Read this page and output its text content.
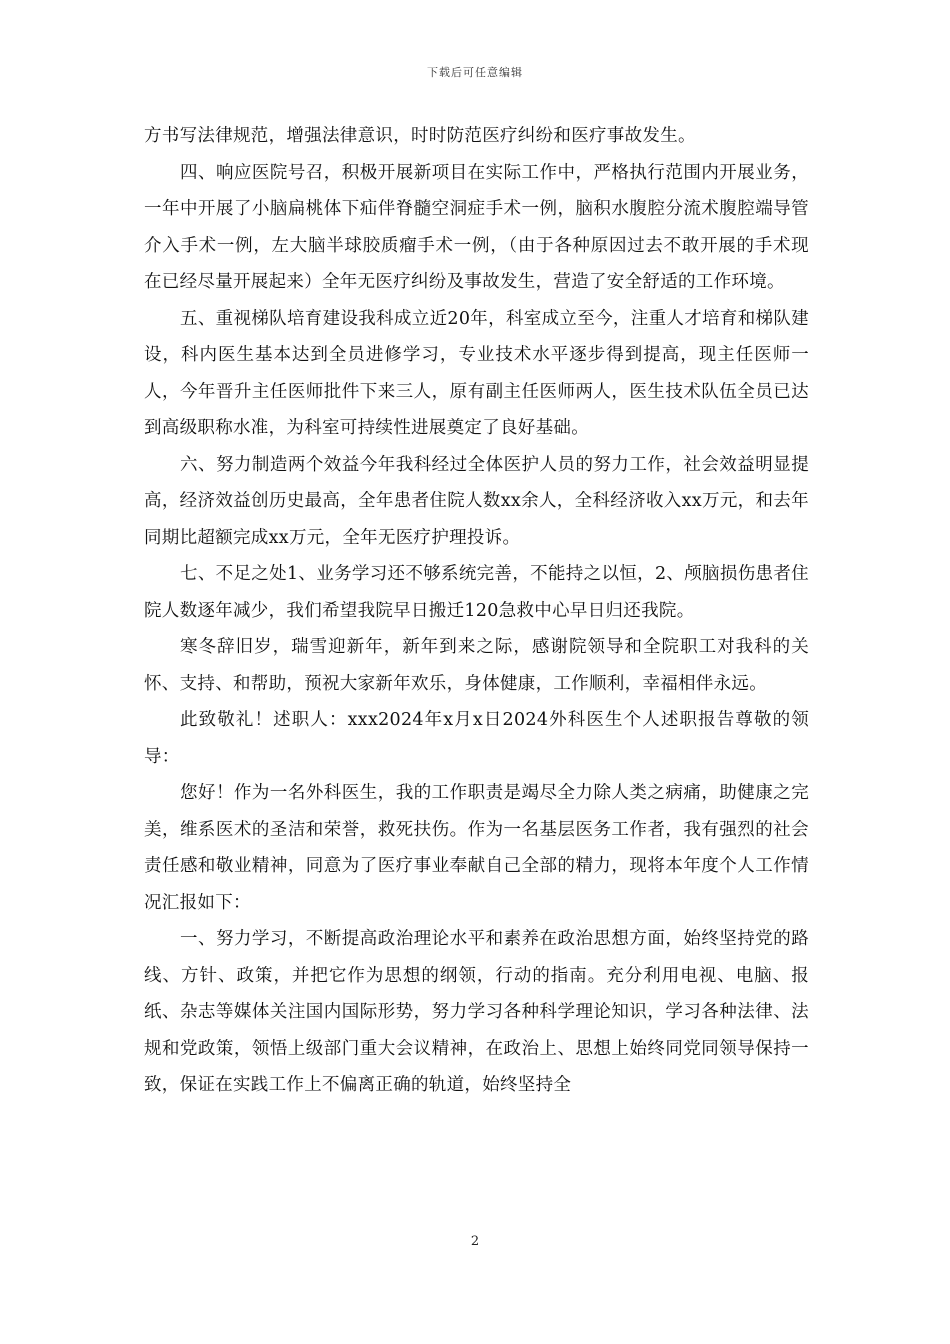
下载后可任意编辑

方书写法律规范，增强法律意识，时时防范医疗纠纷和医疗事故发生。

四、响应医院号召，积极开展新项目在实际工作中，严格执行范围内开展业务，一年中开展了小脑扁桃体下疝伴脊髓空洞症手术一例，脑积水腹腔分流术腹腔端导管介入手术一例，左大脑半球胶质瘤手术一例，（由于各种原因过去不敢开展的手术现在已经尽量开展起来）全年无医疗纠纷及事故发生，营造了安全舒适的工作环境。

五、重视梯队培育建设我科成立近20年，科室成立至今，注重人才培育和梯队建设，科内医生基本达到全员进修学习，专业技术水平逐步得到提高，现主任医师一人，今年晋升主任医师批件下来三人，原有副主任医师两人，医生技术队伍全员已达到高级职称水准，为科室可持续性进展奠定了良好基础。

六、努力制造两个效益今年我科经过全体医护人员的努力工作，社会效益明显提高，经济效益创历史最高，全年患者住院人数xx余人，全科经济收入xx万元，和去年同期比超额完成xx万元，全年无医疗护理投诉。

七、不足之处1、业务学习还不够系统完善，不能持之以恒，2、颅脑损伤患者住院人数逐年减少，我们希望我院早日搬迁120急救中心早日归还我院。

寒冬辞旧岁，瑞雪迎新年，新年到来之际，感谢院领导和全院职工对我科的关怀、支持、和帮助，预祝大家新年欢乐，身体健康，工作顺利，幸福相伴永远。

此致敬礼！述职人：xxx2024年x月x日2024外科医生个人述职报告尊敬的领导：

您好！作为一名外科医生，我的工作职责是竭尽全力除人类之病痛，助健康之完美，维系医术的圣洁和荣誉，救死扶伤。作为一名基层医务工作者，我有强烈的社会责任感和敬业精神，同意为了医疗事业奉献自己全部的精力，现将本年度个人工作情况汇报如下：

一、努力学习，不断提高政治理论水平和素养在政治思想方面，始终坚持党的路线、方针、政策，并把它作为思想的纲领，行动的指南。充分利用电视、电脑、报纸、杂志等媒体关注国内国际形势，努力学习各种科学理论知识，学习各种法律、法规和党政策，领悟上级部门重大会议精神，在政治上、思想上始终同党同领导保持一致，保证在实践工作上不偏离正确的轨道，始终坚持全

2
